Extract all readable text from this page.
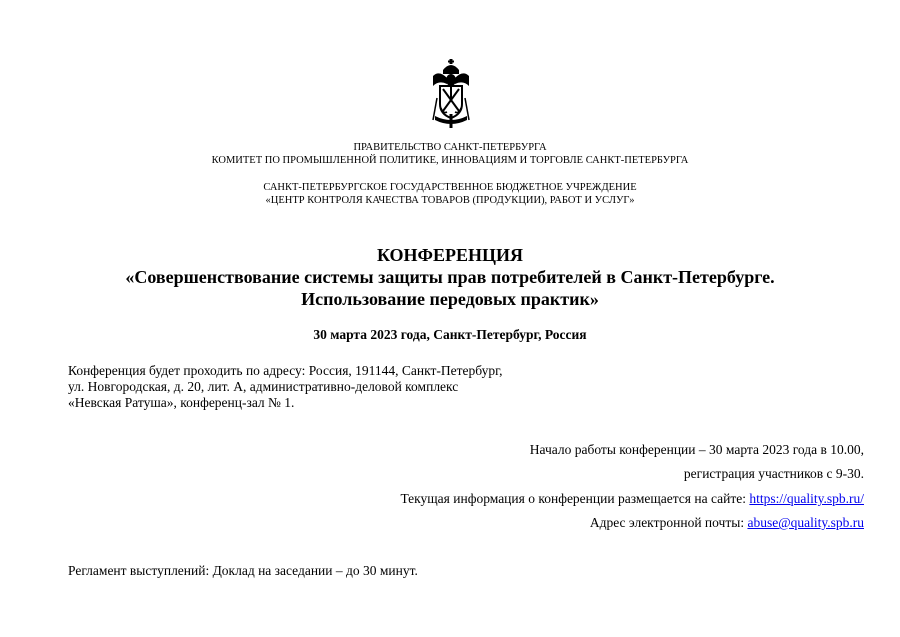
ПРАВИТЕЛЬСТВО САНКТ-ПЕТЕРБУРГА
КОМИТЕТ ПО ПРОМЫШЛЕННОЙ ПОЛИТИКЕ, ИННОВАЦИЯМ И ТОРГОВЛЕ САНКТ-ПЕТЕРБУРГА
САНКТ-ПЕТЕРБУРГСКОЕ ГОСУДАРСТВЕННОЕ БЮДЖЕТНОЕ УЧРЕЖДЕНИЕ
«ЦЕНТР КОНТРОЛЯ КАЧЕСТВА ТОВАРОВ (ПРОДУКЦИИ), РАБОТ И УСЛУГ»
КОНФЕРЕНЦИЯ
«Совершенствование системы защиты прав потребителей в Санкт-Петербурге.
Использование передовых практик»
30 марта 2023 года, Санкт-Петербург, Россия
Конференция будет проходить по адресу: Россия, 191144, Санкт-Петербург,
ул. Новгородская, д. 20, лит. А, административно-деловой комплекс
«Невская Ратуша», конференц-зал № 1.
Начало работы конференции – 30 марта 2023 года в 10.00,
регистрация участников с 9-30.
Текущая информация о конференции размещается на сайте: https://quality.spb.ru/
Адрес электронной почты: abuse@quality.spb.ru
Регламент выступлений: Доклад на заседании – до 30 минут.
